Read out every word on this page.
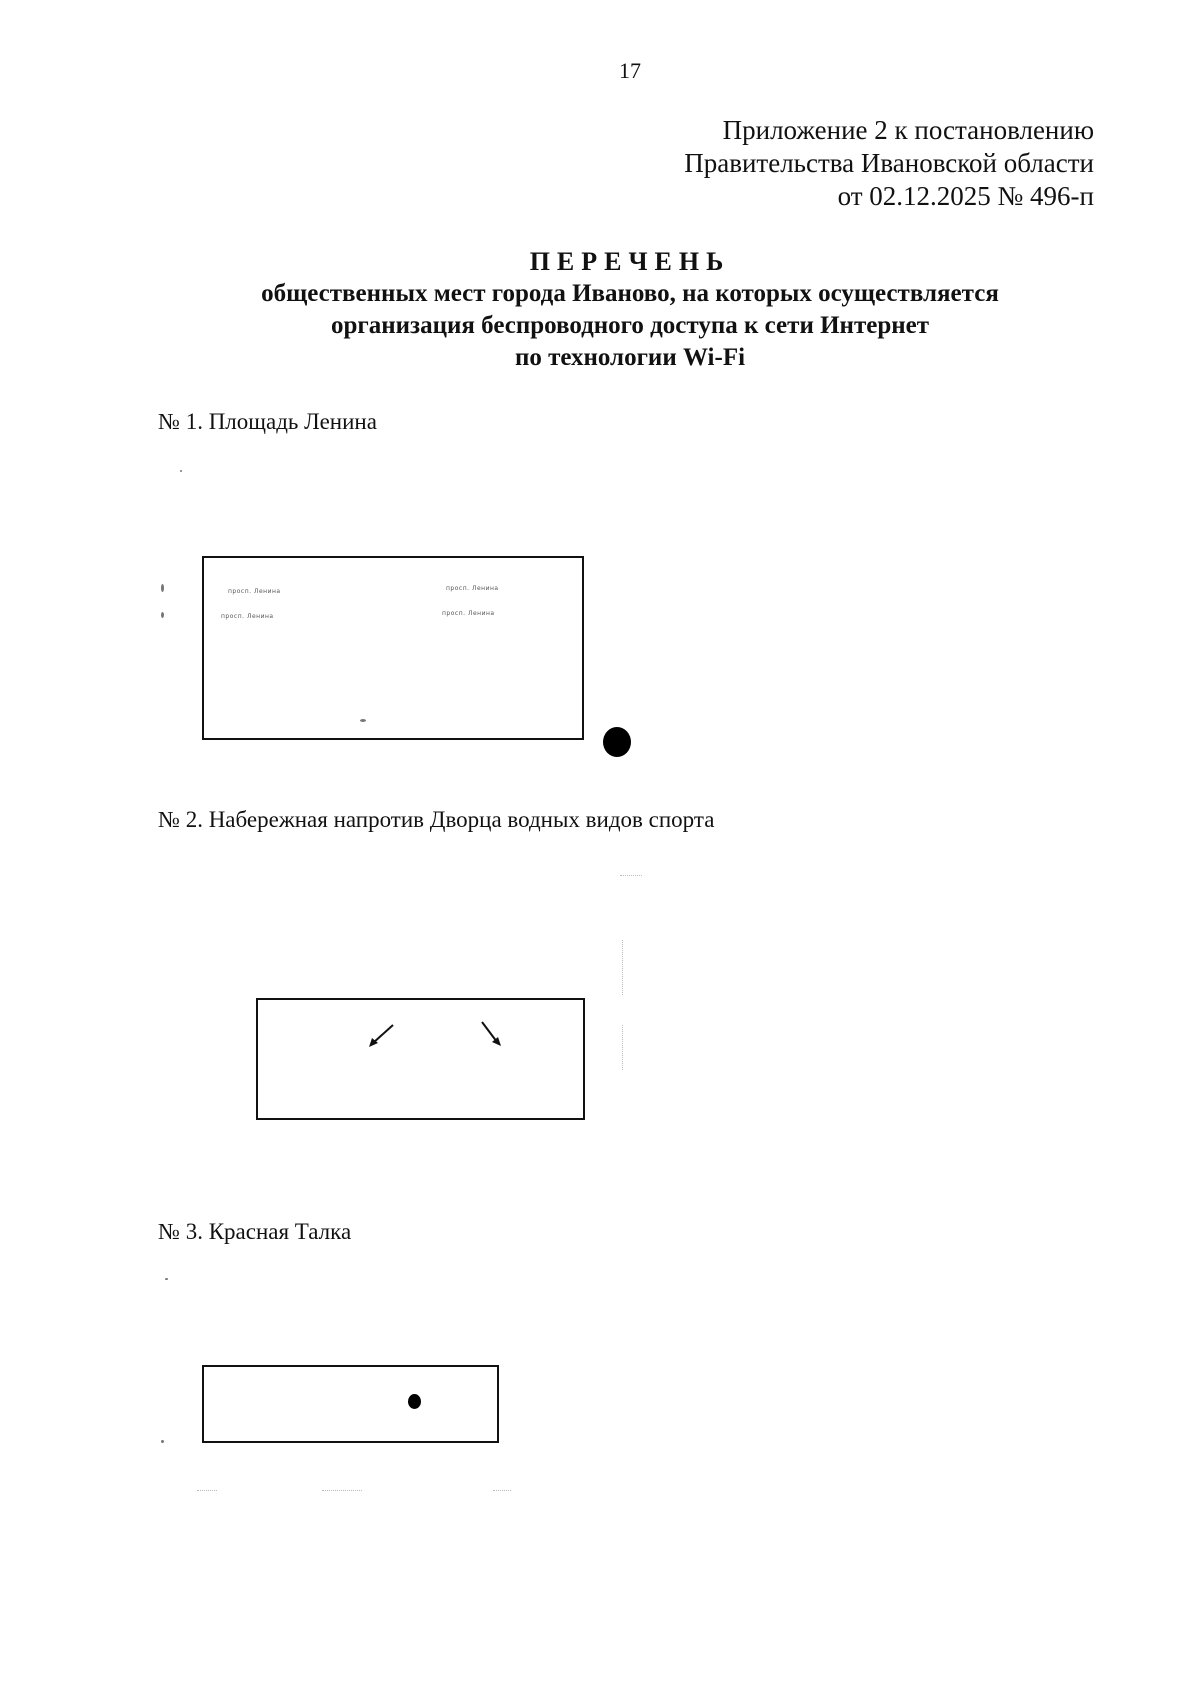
17
Приложение 2 к постановлению
Правительства Ивановской области
от 02.12.2025 № 496-п
ПЕРЕЧЕНЬ
общественных мест города Иваново, на которых осуществляется
организация беспроводного доступа к сети Интернет
по технологии Wi-Fi
№ 1. Площадь Ленина
просп. Ленина
просп. Ленина
просп. Ленина
просп. Ленина
№ 2. Набережная напротив Дворца водных видов спорта
№ 3. Красная Талка
